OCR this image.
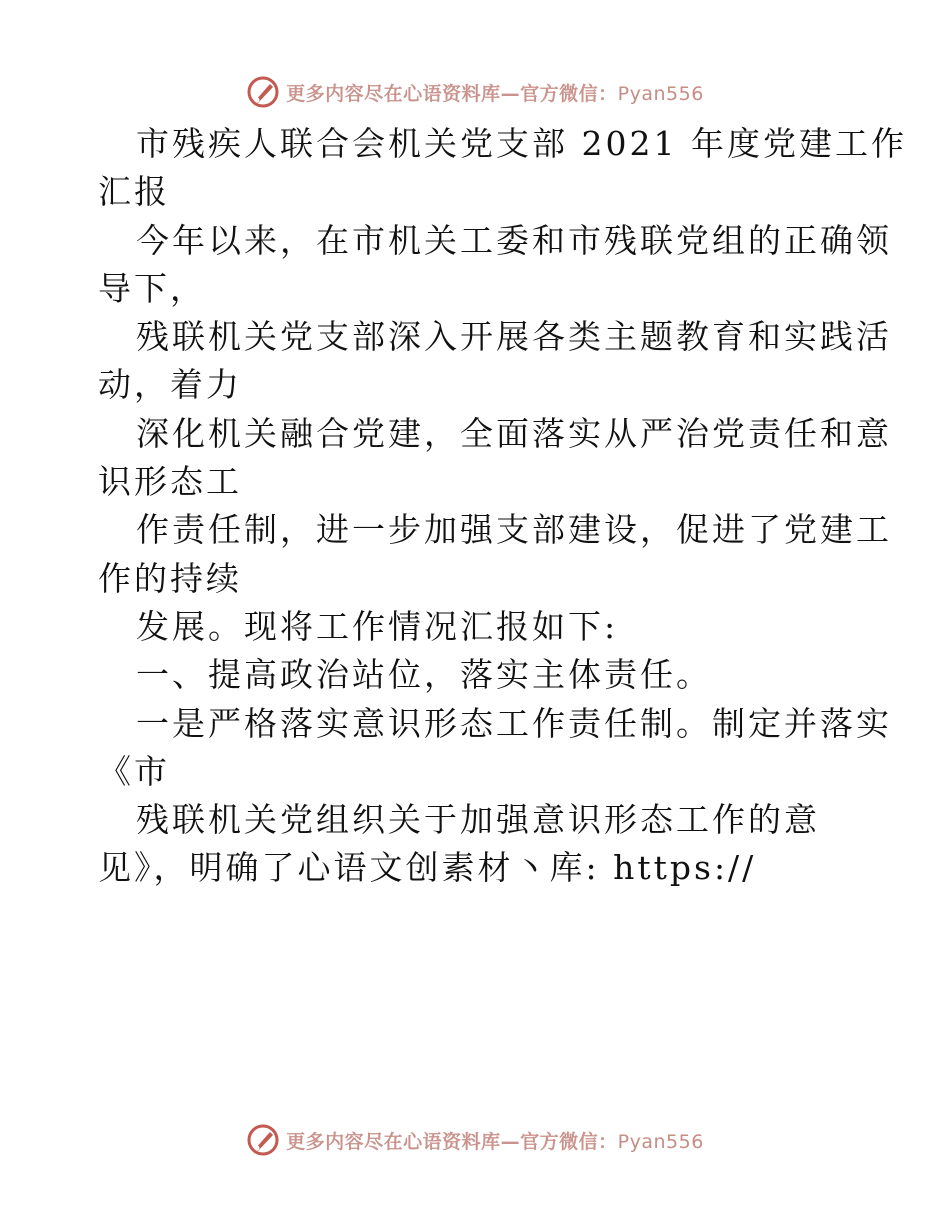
更多内容尽在心语资料库—官方微信：Pyan556
市残疾人联合会机关党支部 2021 年度党建工作
汇报
今年以来，在市机关工委和市残联党组的正确领
导下，
残联机关党支部深入开展各类主题教育和实践活
动，着力
深化机关融合党建，全面落实从严治党责任和意
识形态工
作责任制，进一步加强支部建设，促进了党建工
作的持续
发展。现将工作情况汇报如下:
一、提高政治站位，落实主体责任。
一是严格落实意识形态工作责任制。制定并落实
《市
残联机关党组织关于加强意识形态工作的意
见》，明确了心语文创素材丶库: https://
更多内容尽在心语资料库—官方微信：Pyan556
